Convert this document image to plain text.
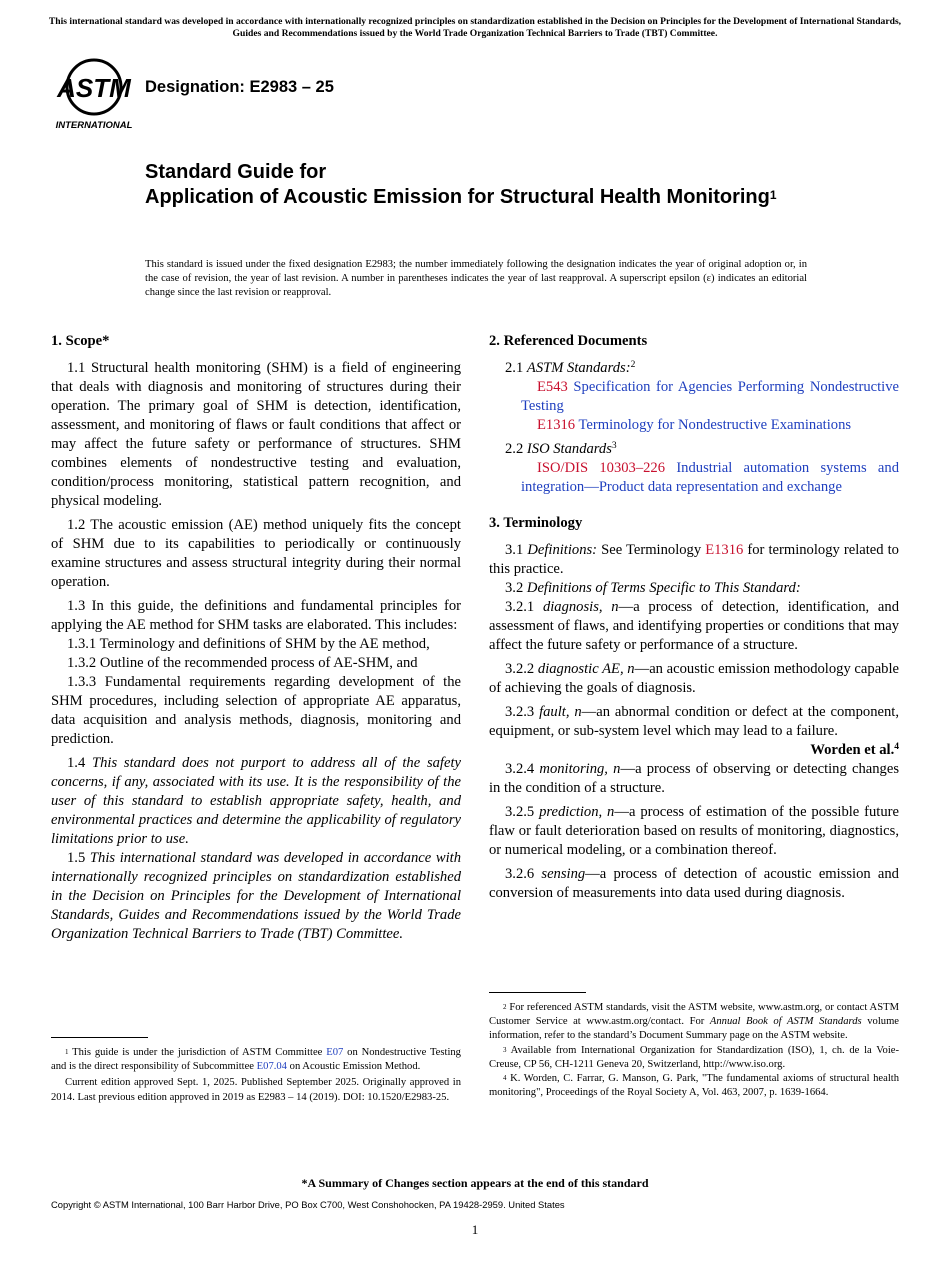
This international standard was developed in accordance with internationally recognized principles on standardization established in the Decision on Principles for the Development of International Standards, Guides and Recommendations issued by the World Trade Organization Technical Barriers to Trade (TBT) Committee.
ASTM
INTERNATIONAL
Designation: E2983 – 25
Standard Guide for
Application of Acoustic Emission for Structural Health Monitoring$^1$
This standard is issued under the fixed designation E2983; the number immediately following the designation indicates the year of original adoption or, in the case of revision, the year of last revision. A number in parentheses indicates the year of last reapproval. A superscript epsilon (ε) indicates an editorial change since the last revision or reapproval.
1. Scope*

1.1 Structural health monitoring (SHM) is a field of engineering that deals with diagnosis and monitoring of structures during their operation. The primary goal of SHM is detection, identification, assessment, and monitoring of flaws or fault conditions that affect or may affect the future safety or performance of structures. SHM combines elements of nondestructive testing and evaluation, condition/process monitoring, statistical pattern recognition, and physical modeling.

1.2 The acoustic emission (AE) method uniquely fits the concept of SHM due to its capabilities to periodically or continuously examine structures and assess structural integrity during their normal operation.

1.3 In this guide, the definitions and fundamental principles for applying the AE method for SHM tasks are elaborated. This includes:

1.3.1 Terminology and definitions of SHM by the AE method,

1.3.2 Outline of the recommended process of AE-SHM, and

1.3.3 Fundamental requirements regarding development of the SHM procedures, including selection of appropriate AE apparatus, data acquisition and analysis methods, diagnosis, monitoring and prediction.

1.4 This standard does not purport to address all of the safety concerns, if any, associated with its use. It is the responsibility of the user of this standard to establish appropriate safety, health, and environmental practices and determine the applicability of regulatory limitations prior to use.

1.5 This international standard was developed in accordance with internationally recognized principles on standardization established in the Decision on Principles for the Development of International Standards, Guides and Recommendations issued by the World Trade Organization Technical Barriers to Trade (TBT) Committee.

2. Referenced Documents
2.1 ASTM Standards:$^2$

E543 Specification for Agencies Performing Nondestructive Testing

E1316 Terminology for Nondestructive Examinations

2.2 ISO Standards$^3$

ISO/DIS 10303–226 Industrial automation systems and integration—Product data representation and exchange

3. Terminology

3.1 Definitions: See Terminology E1316 for terminology related to this practice.

3.2 Definitions of Terms Specific to This Standard:

3.2.1 diagnosis, n—a process of detection, identification, and assessment of flaws, and identifying properties or conditions that may affect the future safety or performance of a structure.

3.2.2 diagnostic AE, n—an acoustic emission methodology capable of achieving the goals of diagnosis.

3.2.3 fault, n—an abnormal condition or defect at the component, equipment, or sub-system level which may lead to a failure.
Worden et al.$^4$

3.2.4 monitoring, n—a process of observing or detecting changes in the condition of a structure.

3.2.5 prediction, n—a process of estimation of the possible future flaw or fault deterioration based on results of monitoring, diagnostics, or numerical modeling, or a combination thereof.

3.2.6 sensing—a process of detection of acoustic emission and conversion of measurements into data used during diagnosis.

$^1$ This guide is under the jurisdiction of ASTM Committee E07 on Nondestructive Testing and is the direct responsibility of Subcommittee E07.04 on Acoustic Emission Method.

Current edition approved Sept. 1, 2025. Published September 2025. Originally approved in 2014. Last previous edition approved in 2019 as E2983 – 14 (2019). DOI: 10.1520/E2983-25.

$^2$ For referenced ASTM standards, visit the ASTM website, www.astm.org, or contact ASTM Customer Service at www.astm.org/contact. For Annual Book of ASTM Standards volume information, refer to the standard’s Document Summary page on the ASTM website.

$^3$ Available from International Organization for Standardization (ISO), 1, ch. de la Voie-Creuse, CP 56, CH-1211 Geneva 20, Switzerland, http://www.iso.org.

$^4$ K. Worden, C. Farrar, G. Manson, G. Park, "The fundamental axioms of structural health monitoring", Proceedings of the Royal Society A, Vol. 463, 2007, p. 1639-1664.

*A Summary of Changes section appears at the end of this standard
Copyright © ASTM International, 100 Barr Harbor Drive, PO Box C700, West Conshohocken, PA 19428-2959. United States
1
